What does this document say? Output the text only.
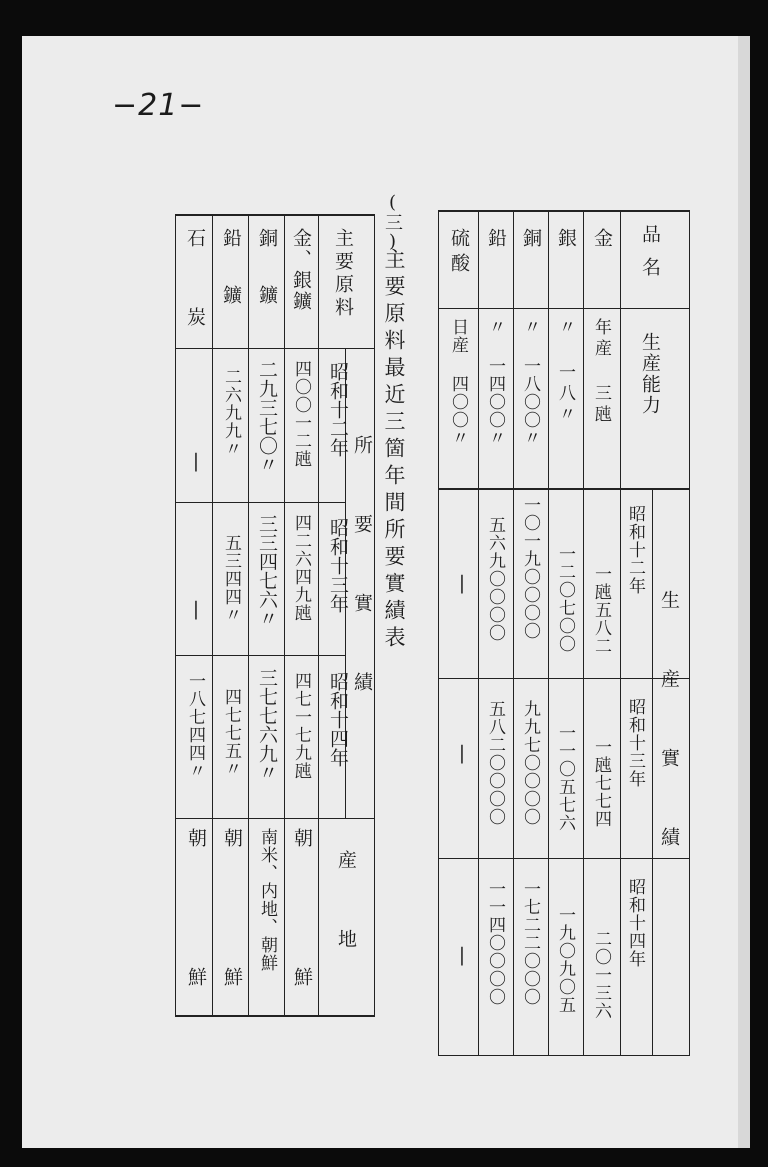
−21−
(三)
主要原料最近三箇年間所要實績表	品名
生産能力
生産實績
昭和十二年
昭和十三年
昭和十四年
金
年産 三瓲
一瓲五八二
一瓲七七四
二〇一三六
銀
〃 一八〃
一二〇七〇〇
一一〇五七六
一九〇九〇五
銅
〃 一八〇〇〃
一〇一九〇〇〇〇
九九七〇〇〇〇
一七二二〇〇〇
鉛
〃 一四〇〇〃
五六九〇〇〇〇
五八二〇〇〇〇
一一四〇〇〇〇
硫酸
日産 四〇〇〃
|
|
|
主要原料
所要實績
昭和十二年
昭和十三年
昭和十四年
産地
金、銀鑛
四〇〇一二瓲
四二六四九瓲
四七一七九瓲
朝鮮
銅鑛
二九三七〇〃
三三四七六〃
三七七六九〃
南米、内地、朝鮮
鉛鑛
二六九九〃
五三四四〃
四七七五〃
朝鮮
石炭
|
|
一八七四四〃
朝鮮
